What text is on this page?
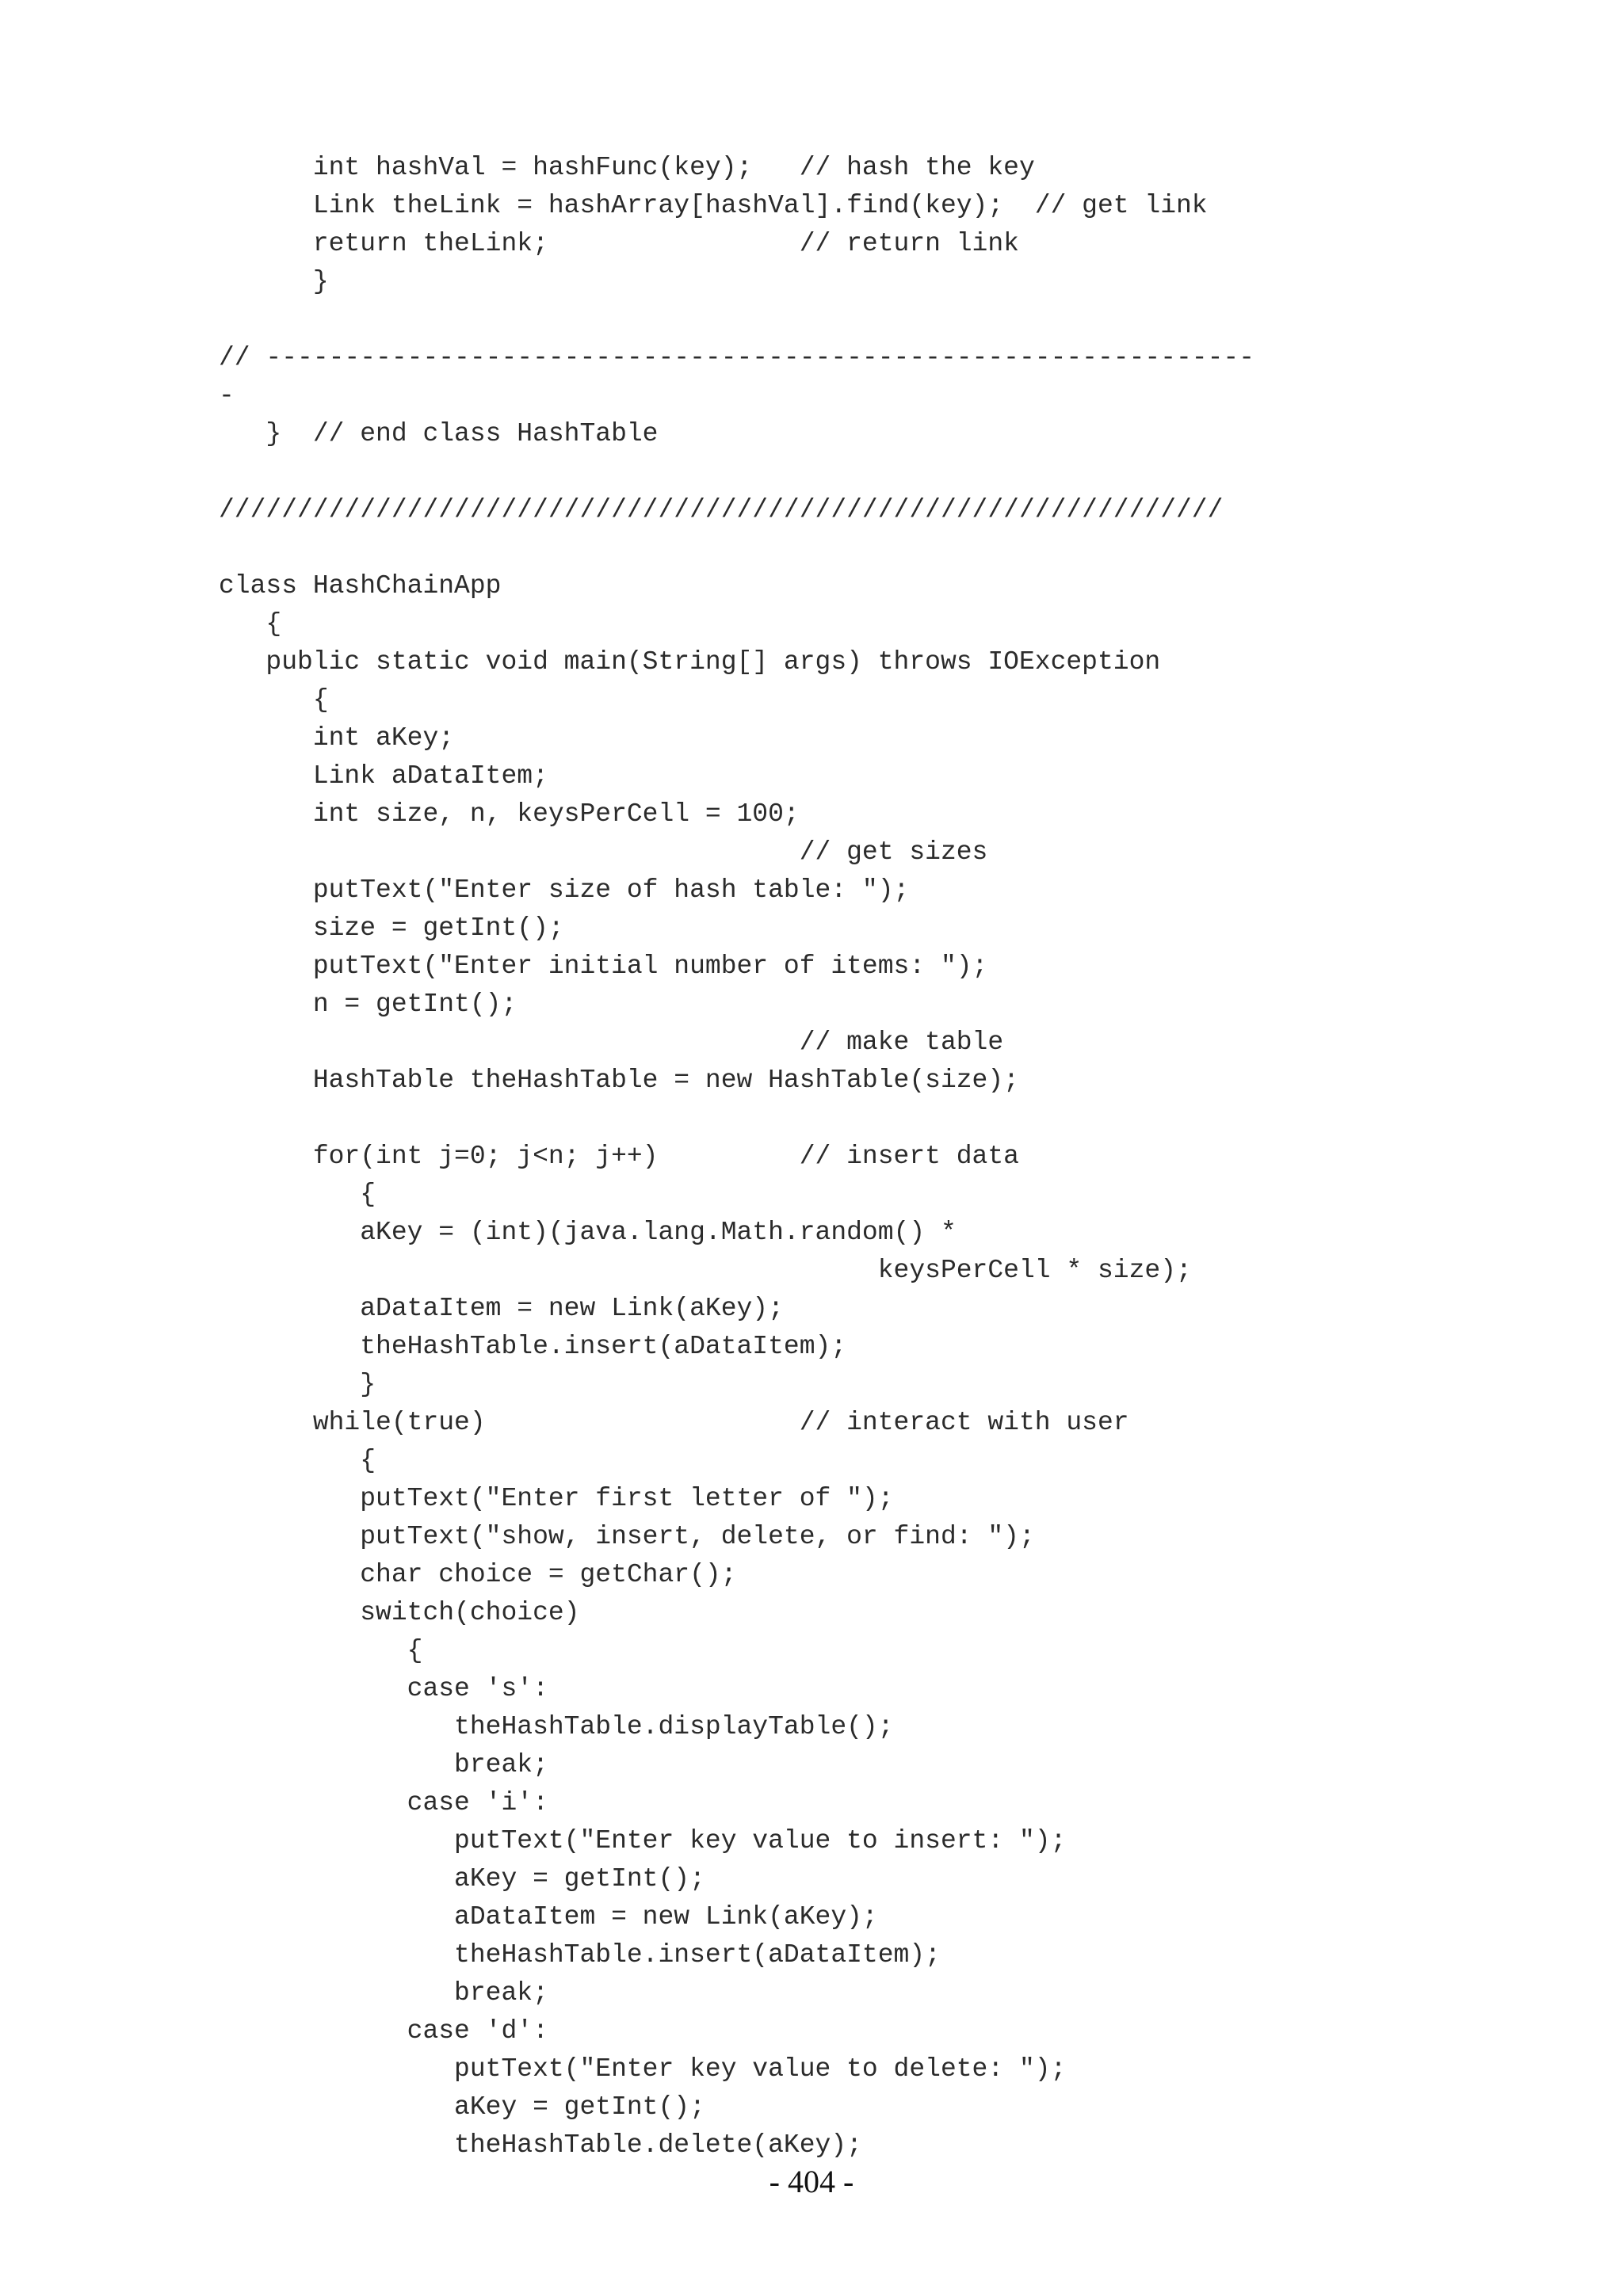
int hashVal = hashFunc(key);   // hash the key
Link theLink = hashArray[hashVal].find(key);  // get link
return theLink;                // return link
}
// ---------------------------------------------------------------
-
}  // end class HashTable
////////////////////////////////////////////////////////////////
class HashChainApp
{
public static void main(String[] args) throws IOException
{
int aKey;
Link aDataItem;
int size, n, keysPerCell = 100;
// get sizes
putText("Enter size of hash table: ");
size = getInt();
putText("Enter initial number of items: ");
n = getInt();
// make table
HashTable theHashTable = new HashTable(size);
for(int j=0; j<n; j++)         // insert data
{
aKey = (int)(java.lang.Math.random() *
keysPerCell * size);
aDataItem = new Link(aKey);
theHashTable.insert(aDataItem);
}
while(true)                    // interact with user
{
putText("Enter first letter of ");
putText("show, insert, delete, or find: ");
char choice = getChar();
switch(choice)
{
case 's':
theHashTable.displayTable();
break;
case 'i':
putText("Enter key value to insert: ");
aKey = getInt();
aDataItem = new Link(aKey);
theHashTable.insert(aDataItem);
break;
case 'd':
putText("Enter key value to delete: ");
aKey = getInt();
theHashTable.delete(aKey);
- 404 -
